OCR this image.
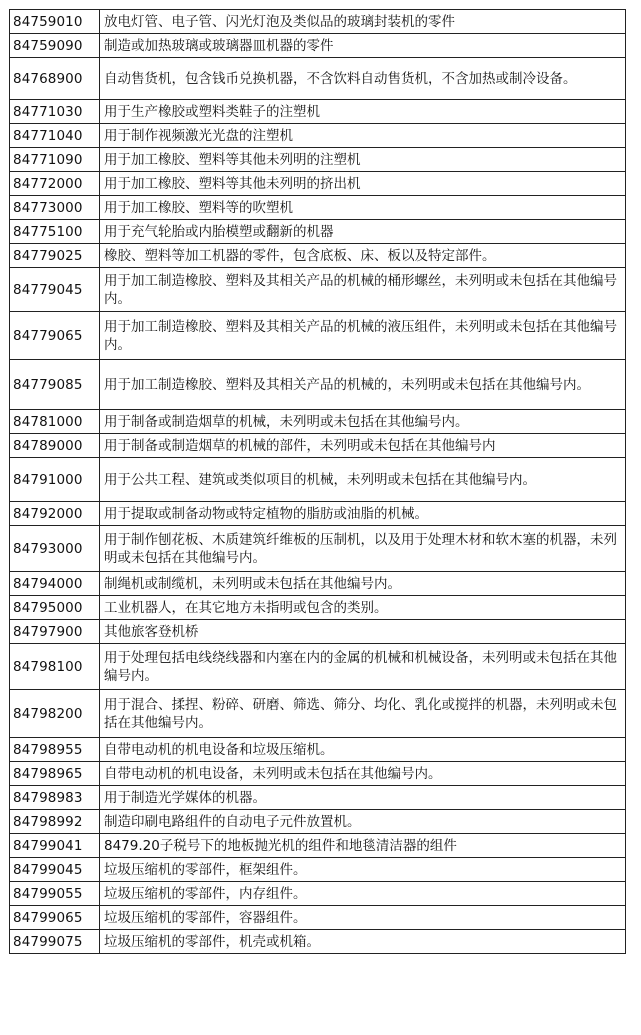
84759010	放电灯管、电子管、闪光灯泡及类似品的玻璃封装机的零件
84759090	制造或加热玻璃或玻璃器皿机器的零件
84768900	自动售货机，包含钱币兑换机器，不含饮料自动售货机，不含加热或制冷设备。
84771030	用于生产橡胶或塑料类鞋子的注塑机
84771040	用于制作视频激光光盘的注塑机
84771090	用于加工橡胶、塑料等其他未列明的注塑机
84772000	用于加工橡胶、塑料等其他未列明的挤出机
84773000	用于加工橡胶、塑料等的吹塑机
84775100	用于充气轮胎或内胎模塑或翻新的机器
84779025	橡胶、塑料等加工机器的零件，包含底板、床、板以及特定部件。
84779045	用于加工制造橡胶、塑料及其相关产品的机械的桶形螺丝，未列明或未包括在其他编号内。
84779065	用于加工制造橡胶、塑料及其相关产品的机械的液压组件，未列明或未包括在其他编号内。
84779085	用于加工制造橡胶、塑料及其相关产品的机械的，未列明或未包括在其他编号内。
84781000	用于制备或制造烟草的机械，未列明或未包括在其他编号内。
84789000	用于制备或制造烟草的机械的部件，未列明或未包括在其他编号内
84791000	用于公共工程、建筑或类似项目的机械，未列明或未包括在其他编号内。
84792000	用于提取或制备动物或特定植物的脂肪或油脂的机械。
84793000	用于制作刨花板、木质建筑纤维板的压制机，以及用于处理木材和软木塞的机器，未列明或未包括在其他编号内。
84794000	制绳机或制缆机，未列明或未包括在其他编号内。
84795000	工业机器人，在其它地方未指明或包含的类别。
84797900	其他旅客登机桥
84798100	用于处理包括电线绕线器和内塞在内的金属的机械和机械设备，未列明或未包括在其他编号内。
84798200	用于混合、揉捏、粉碎、研磨、筛选、筛分、均化、乳化或搅拌的机器，未列明或未包括在其他编号内。
84798955	自带电动机的机电设备和垃圾压缩机。
84798965	自带电动机的机电设备，未列明或未包括在其他编号内。
84798983	用于制造光学媒体的机器。
84798992	制造印刷电路组件的自动电子元件放置机。
84799041	8479.20子税号下的地板抛光机的组件和地毯清洁器的组件
84799045	垃圾压缩机的零部件，框架组件。
84799055	垃圾压缩机的零部件，内存组件。
84799065	垃圾压缩机的零部件，容器组件。
84799075	垃圾压缩机的零部件，机壳或机箱。
